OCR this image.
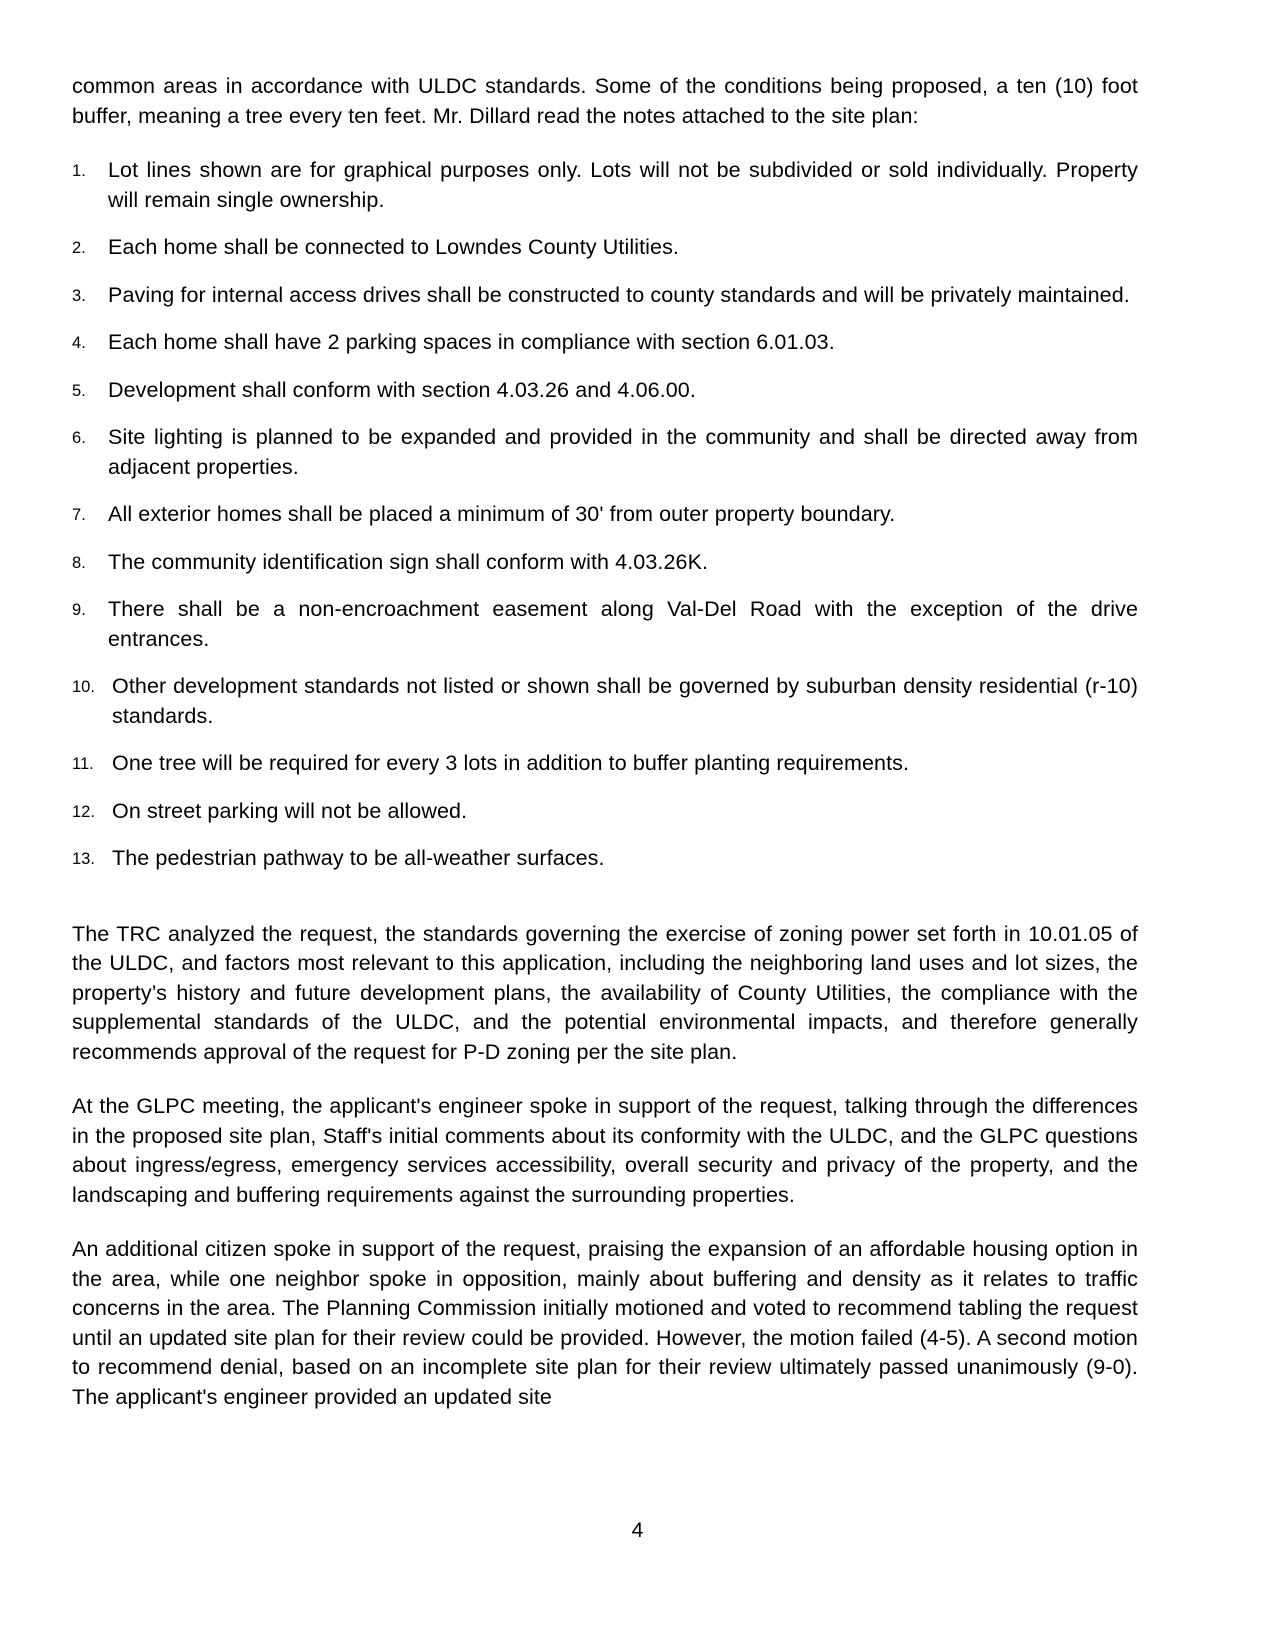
common areas in accordance with ULDC standards. Some of the conditions being proposed, a ten (10) foot buffer, meaning a tree every ten feet. Mr. Dillard read the notes attached to the site plan:

Lot lines shown are for graphical purposes only. Lots will not be subdivided or sold individually. Property will remain single ownership.
Each home shall be connected to Lowndes County Utilities.
Paving for internal access drives shall be constructed to county standards and will be privately maintained.
Each home shall have 2 parking spaces in compliance with section 6.01.03.
Development shall conform with section 4.03.26 and 4.06.00.
Site lighting is planned to be expanded and provided in the community and shall be directed away from adjacent properties.
All exterior homes shall be placed a minimum of 30' from outer property boundary.
The community identification sign shall conform with 4.03.26K.
There shall be a non-encroachment easement along Val-Del Road with the exception of the drive entrances.
Other development standards not listed or shown shall be governed by suburban density residential (r-10) standards.
One tree will be required for every 3 lots in addition to buffer planting requirements.
On street parking will not be allowed.
The pedestrian pathway to be all-weather surfaces.

The TRC analyzed the request, the standards governing the exercise of zoning power set forth in 10.01.05 of the ULDC, and factors most relevant to this application, including the neighboring land uses and lot sizes, the property’s history and future development plans, the availability of County Utilities, the compliance with the supplemental standards of the ULDC, and the potential environmental impacts, and therefore generally recommends approval of the request for P-D zoning per the site plan.

At the GLPC meeting, the applicant's engineer spoke in support of the request, talking through the differences in the proposed site plan, Staff's initial comments about its conformity with the ULDC, and the GLPC questions about ingress/egress, emergency services accessibility, overall security and privacy of the property, and the landscaping and buffering requirements against the surrounding properties.

An additional citizen spoke in support of the request, praising the expansion of an affordable housing option in the area, while one neighbor spoke in opposition, mainly about buffering and density as it relates to traffic concerns in the area. The Planning Commission initially motioned and voted to recommend tabling the request until an updated site plan for their review could be provided. However, the motion failed (4-5). A second motion to recommend denial, based on an incomplete site plan for their review ultimately passed unanimously (9-0). The applicant's engineer provided an updated site

4
